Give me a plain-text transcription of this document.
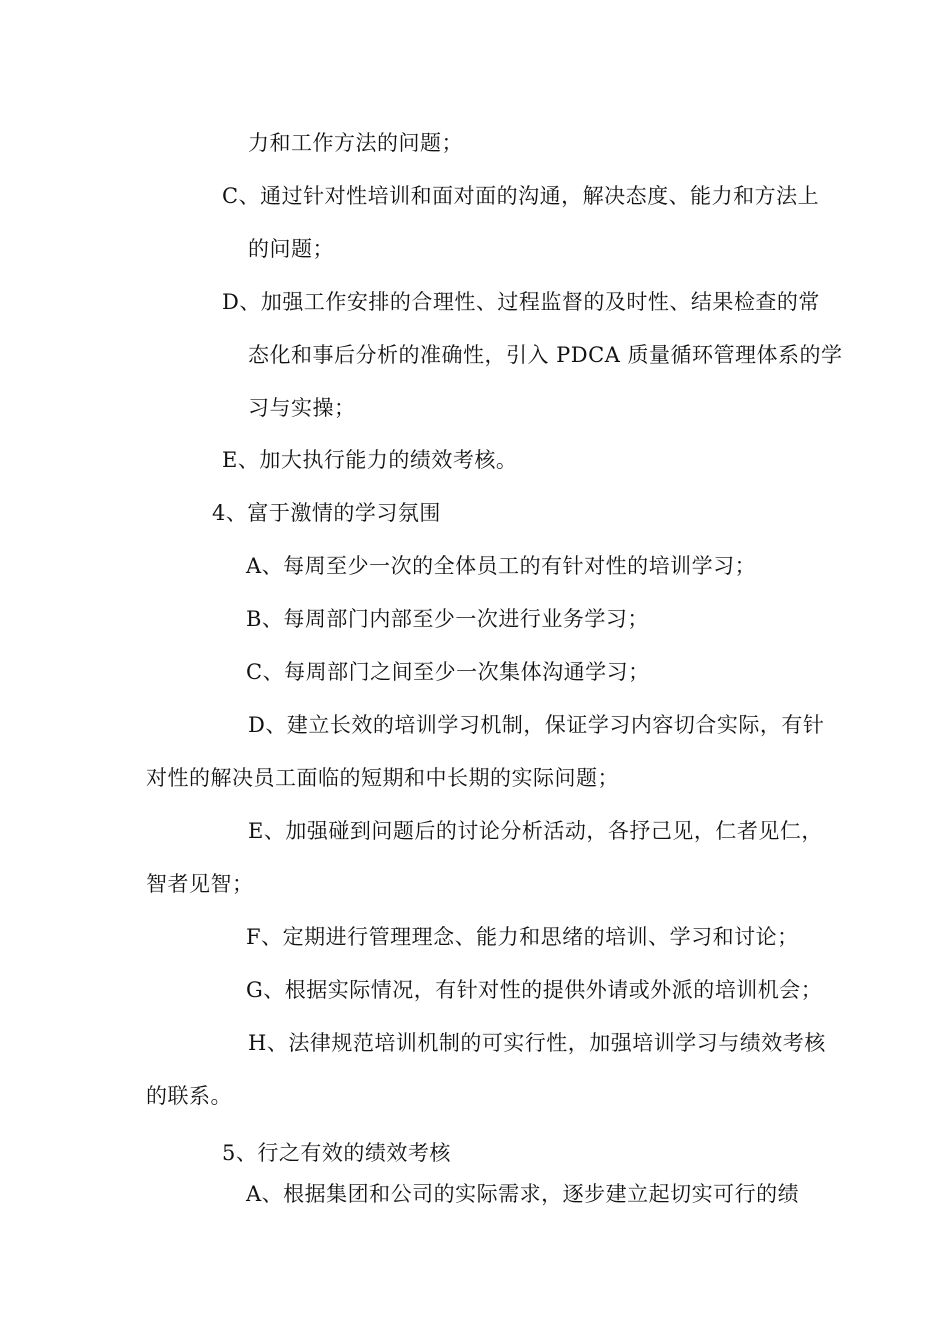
力和工作方法的问题；
C、通过针对性培训和面对面的沟通，解决态度、能力和方法上
的问题；
D、加强工作安排的合理性、过程监督的及时性、结果检查的常
态化和事后分析的准确性，引入 PDCA 质量循环管理体系的学
习与实操；
E、加大执行能力的绩效考核。
4、富于激情的学习氛围
A、每周至少一次的全体员工的有针对性的培训学习；
B、每周部门内部至少一次进行业务学习；
C、每周部门之间至少一次集体沟通学习；
D、建立长效的培训学习机制，保证学习内容切合实际，有针
对性的解决员工面临的短期和中长期的实际问题；
E、加强碰到问题后的讨论分析活动，各抒己见，仁者见仁，
智者见智；
F、定期进行管理理念、能力和思绪的培训、学习和讨论；
G、根据实际情况，有针对性的提供外请或外派的培训机会；
H、法律规范培训机制的可实行性，加强培训学习与绩效考核
的联系。
5、行之有效的绩效考核
A、根据集团和公司的实际需求，逐步建立起切实可行的绩
